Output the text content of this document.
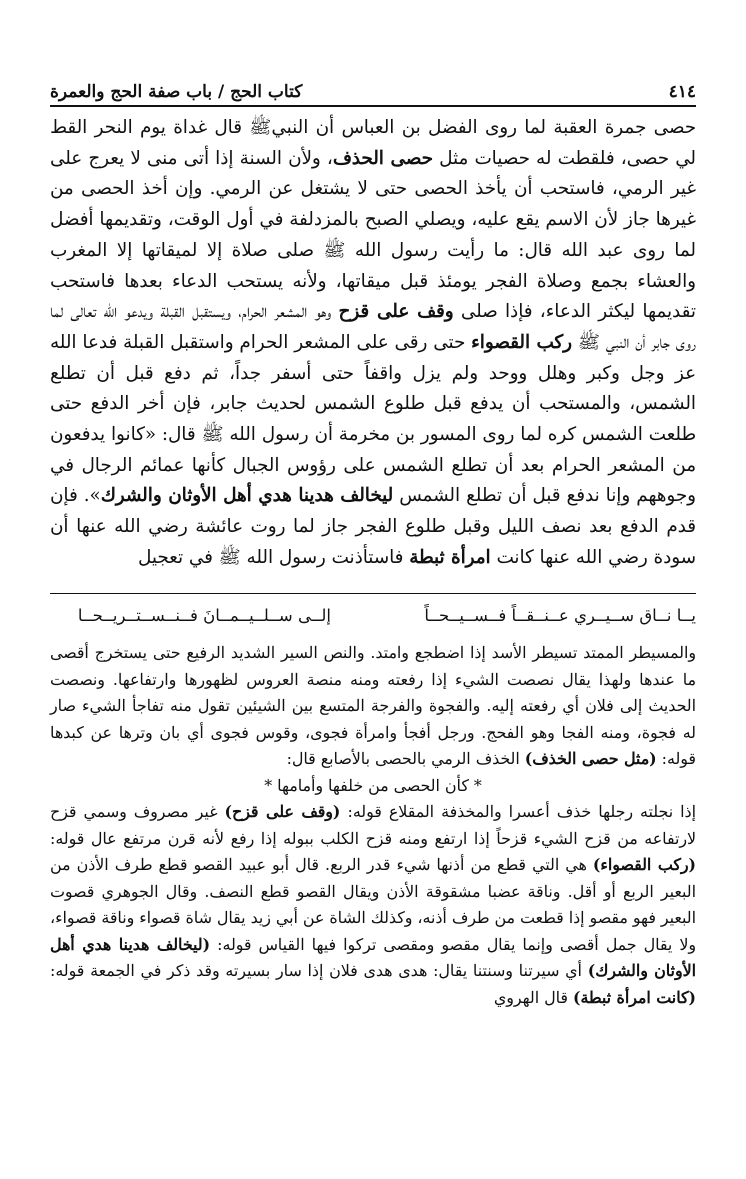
٤١٤
كتاب الحج / باب صفة الحج والعمرة

حصى جمرة العقبة لما روى الفضل بن العباس أن النبيﷺ قال غداة يوم النحر القط لي حصى، فلقطت له حصيات مثل حصى الحذف، ولأن السنة إذا أتى منى لا يعرج على غير الرمي، فاستحب أن يأخذ الحصى حتى لا يشتغل عن الرمي. وإن أخذ الحصى من غيرها جاز لأن الاسم يقع عليه، ويصلي الصبح بالمزدلفة في أول الوقت، وتقديمها أفضل لما روى عبد الله قال: ما رأيت رسول الله ﷺ صلى صلاة إلا لميقاتها إلا المغرب والعشاء بجمع وصلاة الفجر يومئذ قبل ميقاتها، ولأنه يستحب الدعاء بعدها فاستحب تقديمها ليكثر الدعاء، فإذا صلى وقف على قزح وهو المشعر الحرام، ويستقبل القبلة ويدعو الله تعالى لما روى جابر أن النبي ﷺ ركب القصواء حتى رقى على المشعر الحرام واستقبل القبلة فدعا الله عز وجل وكبر وهلل ووحد ولم يزل واقفاً حتى أسفر جداً، ثم دفع قبل أن تطلع الشمس، والمستحب أن يدفع قبل طلوع الشمس لحديث جابر، فإن أخر الدفع حتى طلعت الشمس كره لما روى المسور بن مخرمة أن رسول الله ﷺ قال: «كانوا يدفعون من المشعر الحرام بعد أن تطلع الشمس على رؤوس الجبال كأنها عمائم الرجال في وجوههم وإنا ندفع قبل أن تطلع الشمس ليخالف هدينا هدي أهل الأوثان والشرك». فإن قدم الدفع بعد نصف الليل وقبل طلوع الفجر جاز لما روت عائشة رضي الله عنها أن سودة رضي الله عنها كانت امرأة ثبطة فاستأذنت رسول الله ﷺ في تعجيل

يــا نــاق ســيــري عــنــقــاً فــســيــحــاً
إلــى ســلــيــمــانَ فــنــســتــريــحــا

والمسيطر الممتد تسيطر الأسد إذا اضطجع وامتد. والنص السير الشديد الرفيع حتى يستخرج أقصى ما عندها ولهذا يقال نصصت الشيء إذا رفعته ومنه منصة العروس لظهورها وارتفاعها. ونصصت الحديث إلى فلان أي رفعته إليه. والفجوة والفرجة المتسع بين الشيئين تقول منه تفاجأ الشيء صار له فجوة، ومنه الفجا وهو الفحج. ورجل أفجأ وامرأة فجوى، وقوس فجوى أي بان وترها عن كبدها قوله: (مثل حصى الخذف) الخذف الرمي بالحصى بالأصابع قال:

* كأن الحصى من خلفها وأمامها *

إذا نجلته رجلها خذف أعسرا والمخذفة المقلاع قوله: (وقف على قزح) غير مصروف وسمي قزح لارتفاعه من قزح الشيء قزحاً إذا ارتفع ومنه قزح الكلب ببوله إذا رفع لأنه قرن مرتفع عال قوله: (ركب القصواء) هي التي قطع من أذنها شيء قدر الربع. قال أبو عبيد القصو قطع طرف الأذن من البعير الربع أو أقل. وناقة عضبا مشقوقة الأذن ويقال القصو قطع النصف. وقال الجوهري قصوت البعير فهو مقصو إذا قطعت من طرف أذنه، وكذلك الشاة عن أبي زيد يقال شاة قصواء وناقة قصواء، ولا يقال جمل أقصى وإنما يقال مقصو ومقصى تركوا فيها القياس قوله: (ليخالف هدينا هدي أهل الأوثان والشرك) أي سيرتنا وسنتنا يقال: هدى هدى فلان إذا سار بسيرته وقد ذكر في الجمعة قوله: (كانت امرأة ثبطة) قال الهروي
